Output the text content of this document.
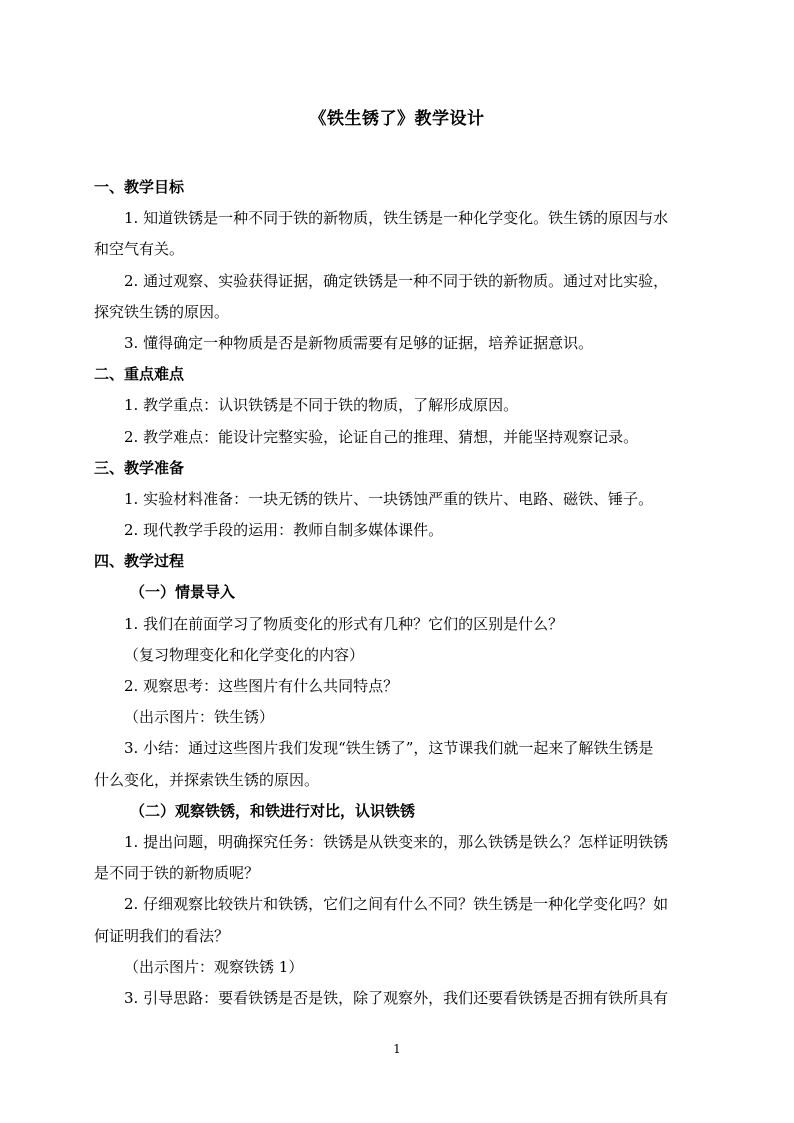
《铁生锈了》教学设计
一、教学目标
1. 知道铁锈是一种不同于铁的新物质，铁生锈是一种化学变化。铁生锈的原因与水
和空气有关。
2. 通过观察、实验获得证据，确定铁锈是一种不同于铁的新物质。通过对比实验，
探究铁生锈的原因。
3. 懂得确定一种物质是否是新物质需要有足够的证据，培养证据意识。
二、重点难点
1. 教学重点：认识铁锈是不同于铁的物质，了解形成原因。
2. 教学难点：能设计完整实验，论证自己的推理、猜想，并能坚持观察记录。
三、教学准备
1. 实验材料准备：一块无锈的铁片、一块锈蚀严重的铁片、电路、磁铁、锤子。
2. 现代教学手段的运用：教师自制多媒体课件。
四、教学过程
（一）情景导入
1. 我们在前面学习了物质变化的形式有几种？它们的区别是什么？
（复习物理变化和化学变化的内容）
2. 观察思考：这些图片有什么共同特点？
（出示图片：铁生锈）
3. 小结：通过这些图片我们发现“铁生锈了”，这节课我们就一起来了解铁生锈是
什么变化，并探索铁生锈的原因。
（二）观察铁锈，和铁进行对比，认识铁锈
1. 提出问题，明确探究任务：铁锈是从铁变来的，那么铁锈是铁么？怎样证明铁锈
是不同于铁的新物质呢？
2. 仔细观察比较铁片和铁锈，它们之间有什么不同？铁生锈是一种化学变化吗？如
何证明我们的看法？
（出示图片：观察铁锈 1）
3. 引导思路：要看铁锈是否是铁，除了观察外，我们还要看铁锈是否拥有铁所具有
1
